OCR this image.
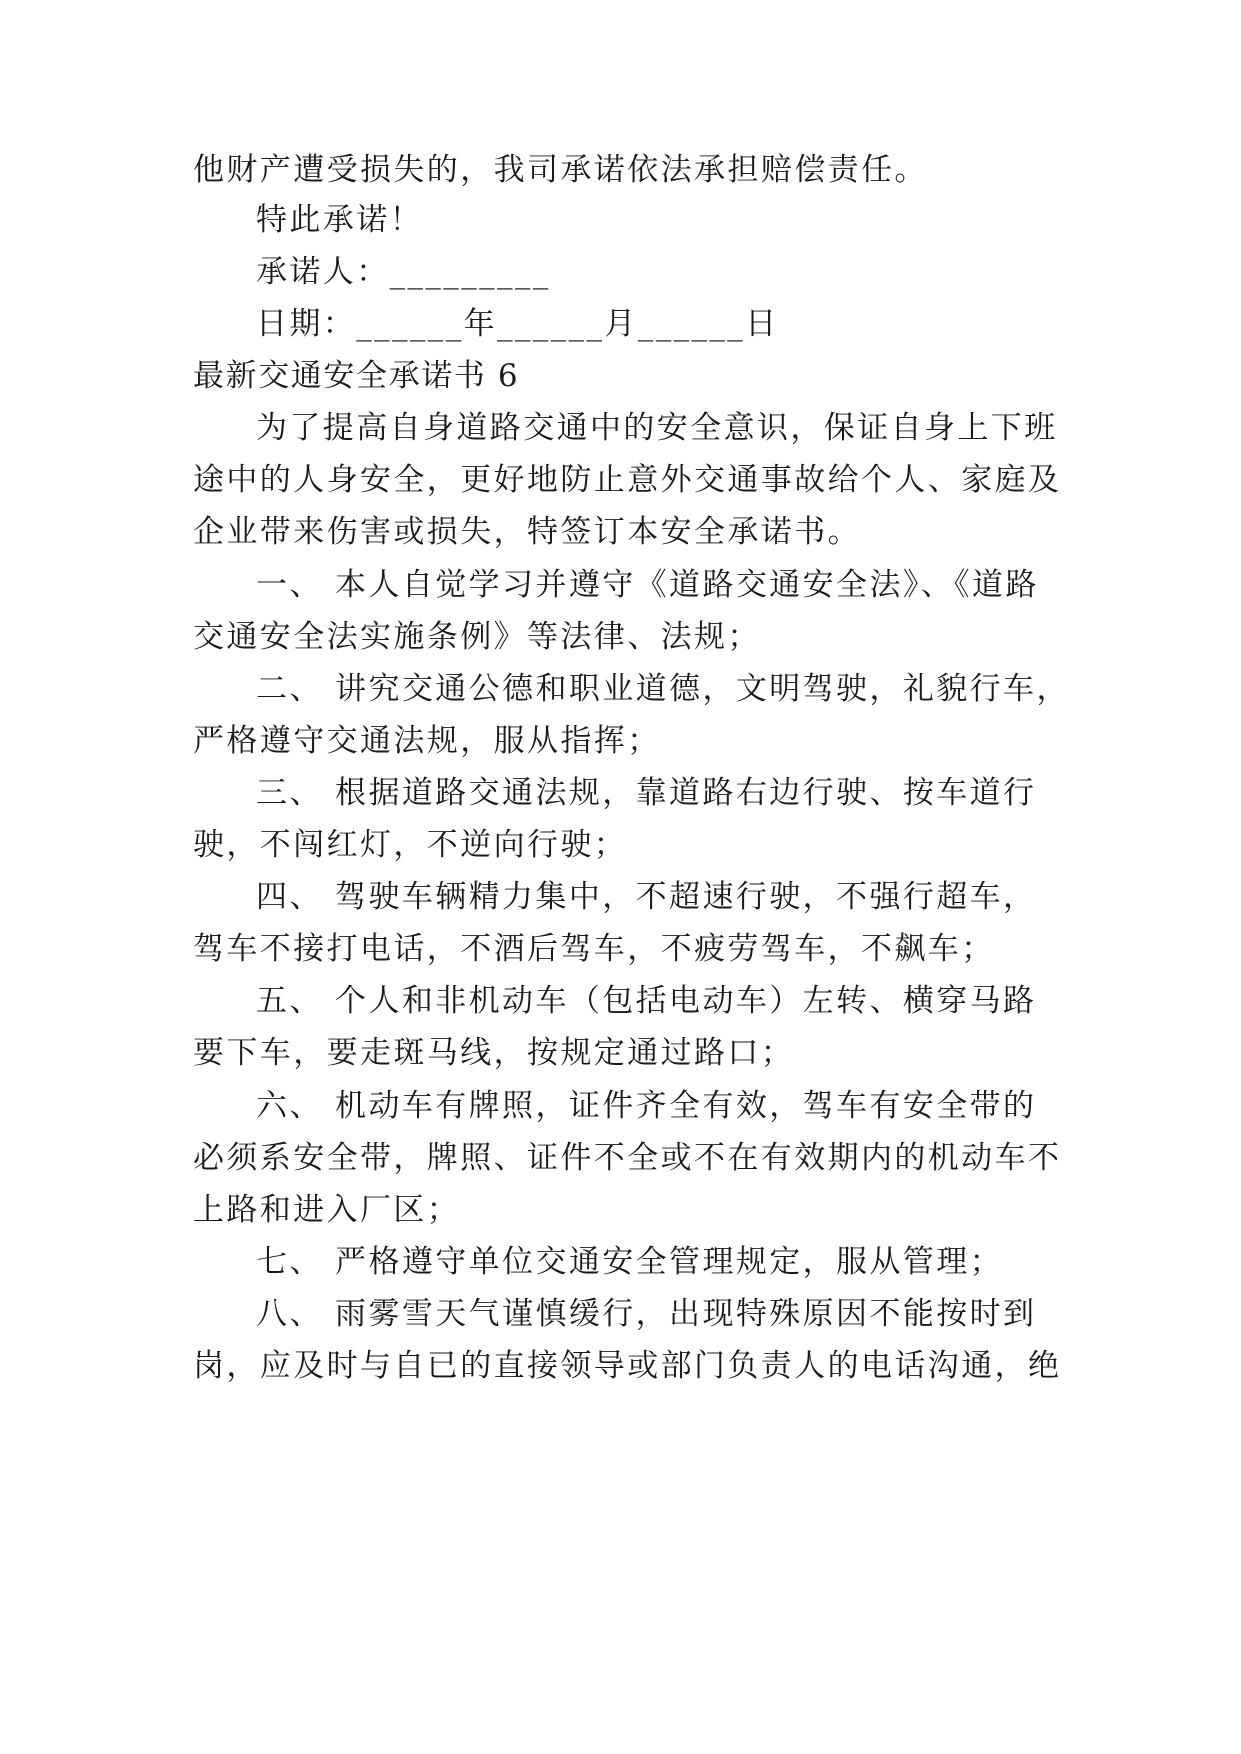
他财产遭受损失的，我司承诺依法承担赔偿责任。
特此承诺！
承诺人：_________
日期：______年______月______日
最新交通安全承诺书 6
为了提高自身道路交通中的安全意识，保证自身上下班
途中的人身安全，更好地防止意外交通事故给个人、家庭及
企业带来伤害或损失，特签订本安全承诺书。
一、 本人自觉学习并遵守《道路交通安全法》、《道路
交通安全法实施条例》等法律、法规；
二、 讲究交通公德和职业道德，文明驾驶，礼貌行车，
严格遵守交通法规，服从指挥；
三、 根据道路交通法规，靠道路右边行驶、按车道行
驶，不闯红灯，不逆向行驶；
四、 驾驶车辆精力集中，不超速行驶，不强行超车，
驾车不接打电话，不酒后驾车，不疲劳驾车，不飙车；
五、 个人和非机动车（包括电动车）左转、横穿马路
要下车，要走斑马线，按规定通过路口；
六、 机动车有牌照，证件齐全有效，驾车有安全带的
必须系安全带，牌照、证件不全或不在有效期内的机动车不
上路和进入厂区；
七、 严格遵守单位交通安全管理规定，服从管理；
八、 雨雾雪天气谨慎缓行，出现特殊原因不能按时到
岗，应及时与自已的直接领导或部门负责人的电话沟通，绝
